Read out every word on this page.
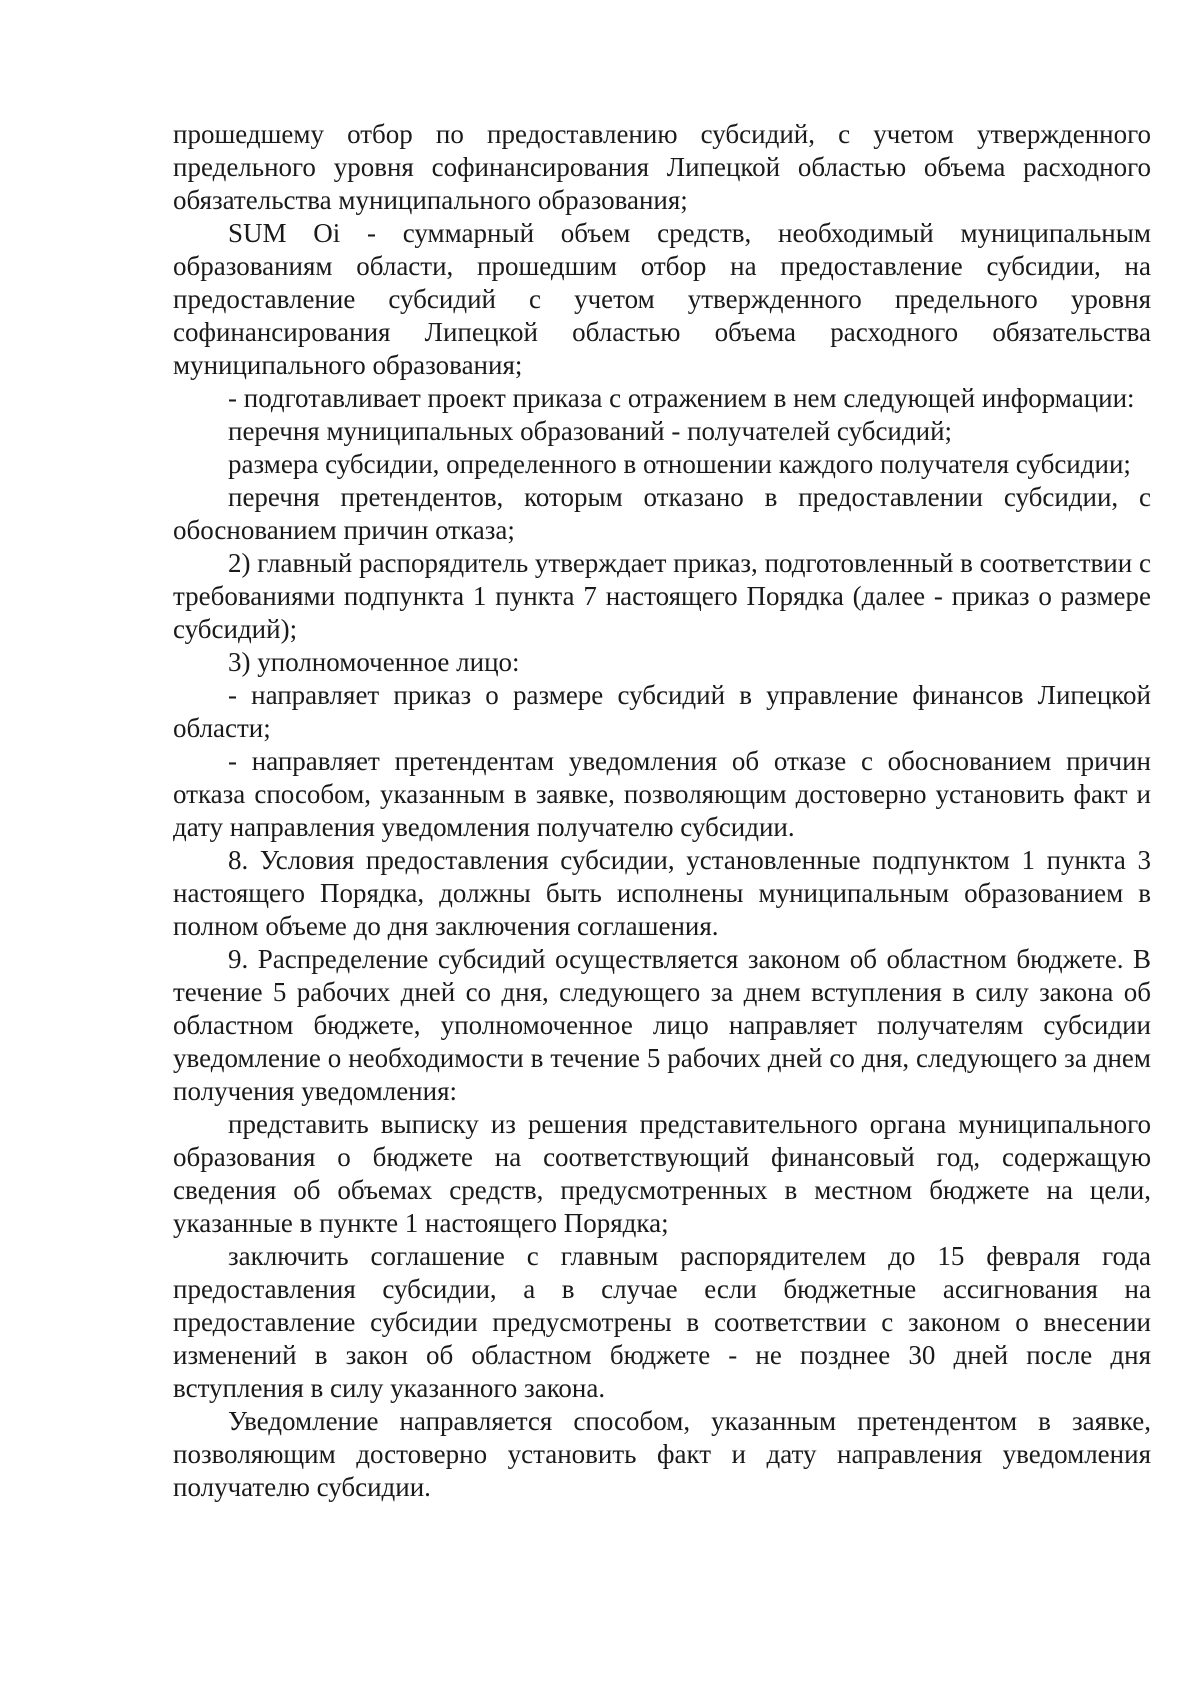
прошедшему отбор по предоставлению субсидий, с учетом утвержденного предельного уровня софинансирования Липецкой областью объема расходного обязательства муниципального образования;

SUM Oi - суммарный объем средств, необходимый муниципальным образованиям области, прошедшим отбор на предоставление субсидии, на предоставление субсидий с учетом утвержденного предельного уровня софинансирования Липецкой областью объема расходного обязательства муниципального образования;

- подготавливает проект приказа с отражением в нем следующей информации:

перечня муниципальных образований - получателей субсидий;

размера субсидии, определенного в отношении каждого получателя субсидии;

перечня претендентов, которым отказано в предоставлении субсидии, с обоснованием причин отказа;

2) главный распорядитель утверждает приказ, подготовленный в соответствии с требованиями подпункта 1 пункта 7 настоящего Порядка (далее - приказ о размере субсидий);

3) уполномоченное лицо:

- направляет приказ о размере субсидий в управление финансов Липецкой области;

- направляет претендентам уведомления об отказе с обоснованием причин отказа способом, указанным в заявке, позволяющим достоверно установить факт и дату направления уведомления получателю субсидии.

8. Условия предоставления субсидии, установленные подпунктом 1 пункта 3 настоящего Порядка, должны быть исполнены муниципальным образованием в полном объеме до дня заключения соглашения.

9. Распределение субсидий осуществляется законом об областном бюджете. В течение 5 рабочих дней со дня, следующего за днем вступления в силу закона об областном бюджете, уполномоченное лицо направляет получателям субсидии уведомление о необходимости в течение 5 рабочих дней со дня, следующего за днем получения уведомления:

представить выписку из решения представительного органа муниципального образования о бюджете на соответствующий финансовый год, содержащую сведения об объемах средств, предусмотренных в местном бюджете на цели, указанные в пункте 1 настоящего Порядка;

заключить соглашение с главным распорядителем до 15 февраля года предоставления субсидии, а в случае если бюджетные ассигнования на предоставление субсидии предусмотрены в соответствии с законом о внесении изменений в закон об областном бюджете - не позднее 30 дней после дня вступления в силу указанного закона.

Уведомление направляется способом, указанным претендентом в заявке, позволяющим достоверно установить факт и дату направления уведомления получателю субсидии.
